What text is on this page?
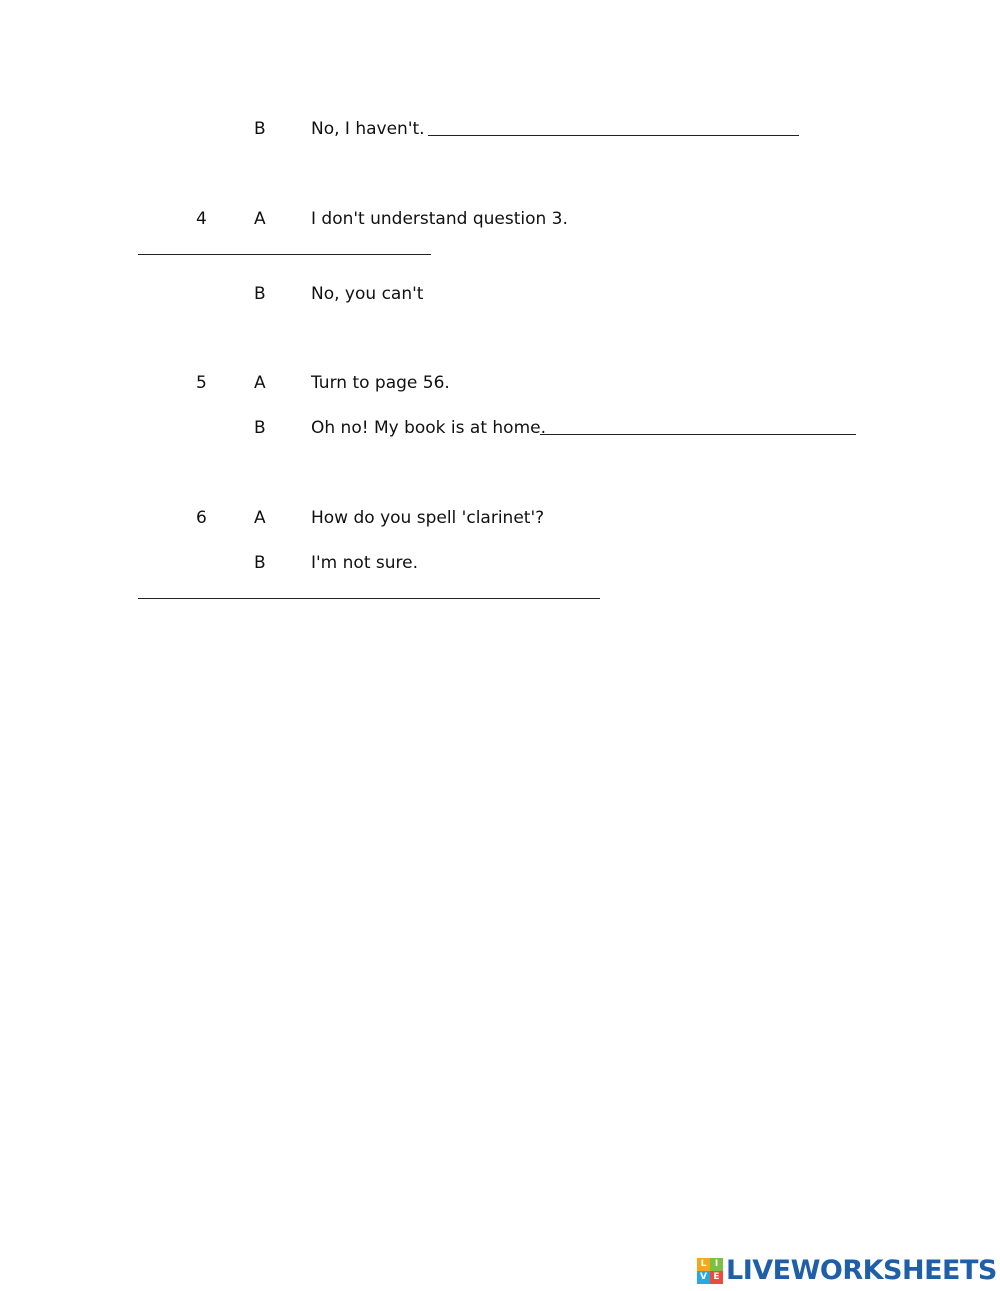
B	No, I haven't.
4	A	I don't understand question 3.
B	No, you can't
5	A	Turn to page 56.
B	Oh no! My book is at home.
6	A	How do you spell 'clarinet'?
B	I'm not sure.
L I
V E LIVEWORKSHEETS
